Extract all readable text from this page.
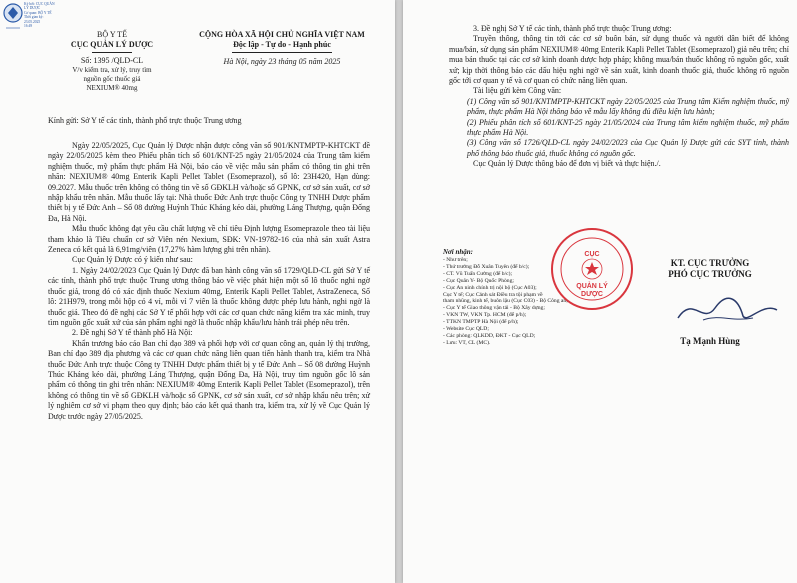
Ký bởi: CỤC QUẢN
LÝ DƯỢC
Cơ quan: BỘ Y TẾ
Thời gian ký:
23.05.2025
16:49

BỘ Y TẾ

CỤC QUẢN LÝ DƯỢC

Số: 1395 /QLD-CL

V/v kiểm tra, xử lý, truy tìm

nguồn gốc thuốc giả

NEXIUM® 40mg

CỘNG HÒA XÃ HỘI CHỦ NGHĨA VIỆT NAM

Độc lập - Tự do - Hạnh phúc

Hà Nội, ngày 23 tháng 05 năm 2025

Kính gửi: Sở Y tế các tỉnh, thành phố trực thuộc Trung ương

Ngày 22/05/2025, Cục Quản lý Dược nhận được công văn số 901/KNTMPTP-KHTCKT đề ngày 22/05/2025 kèm theo Phiếu phân tích số 601/KNT-25 ngày 21/05/2024 của Trung tâm kiểm nghiệm thuốc, mỹ phẩm thực phẩm Hà Nội, báo cáo về việc mẫu sản phẩm có thông tin ghi trên nhãn: NEXIUM® 40mg Enterik Kapli Pellet Tablet (Esomeprazol), số lô: 23H420, Hạn dùng: 09.2027. Mẫu thuốc trên không có thông tin về số GĐKLH và/hoặc số GPNK, cơ sở sản xuất, cơ sở nhập khẩu trên nhãn. Mẫu thuốc lấy tại: Nhà thuốc Đức Anh trực thuộc Công ty TNHH Dược phẩm thiết bị y tế Đức Anh – Số 08 đường Huỳnh Thúc Kháng kéo dài, phường Láng Thượng, quận Đống Đa, Hà Nội.

Mẫu thuốc không đạt yêu cầu chất lượng về chỉ tiêu Định lượng Esomeprazole theo tài liệu tham khảo là Tiêu chuẩn cơ sở Viên nén Nexium, SĐK: VN-19782-16 của nhà sản xuất Astra Zeneca có kết quả là 6,91mg/viên (17,27% hàm lượng ghi trên nhãn).

Cục Quản lý Dược có ý kiến như sau:

1. Ngày 24/02/2023 Cục Quản lý Dược đã ban hành công văn số 1729/QLD-CL gửi Sở Y tế các tỉnh, thành phố trực thuộc Trung ương thông báo về việc phát hiện một số lô thuốc nghi ngờ thuốc giả, trong đó có xác định thuốc Nexium 40mg, Enterik Kapli Pellet Tablet, AstraZeneca, Số lô: 21H979, trong mỗi hộp có 4 vỉ, mỗi vỉ 7 viên là thuốc không được phép lưu hành, nghi ngờ là thuốc giả. Theo đó đề nghị các Sở Y tế phối hợp với các cơ quan chức năng kiểm tra xác minh, truy tìm nguồn gốc xuất xứ của sản phẩm nghi ngờ là thuốc nhập khẩu/lưu hành trái phép nêu trên.

2. Đề nghị Sở Y tế thành phố Hà Nội:

Khẩn trương báo cáo Ban chỉ đạo 389 và phối hợp với cơ quan công an, quản lý thị trường, Ban chỉ đạo 389 địa phương và các cơ quan chức năng liên quan tiến hành thanh tra, kiểm tra Nhà thuốc Đức Anh trực thuộc Công ty TNHH Dược phẩm thiết bị y tế Đức Anh – Số 08 đường Huỳnh Thúc Kháng kéo dài, phường Láng Thượng, quận Đống Đa, Hà Nội, truy tìm nguồn gốc lô sản phẩm có thông tin ghi trên nhãn: NEXIUM® 40mg Enterik Kapli Pellet Tablet (Esomeprazol), trên không có thông tin về số GĐKLH và/hoặc số GPNK, cơ sở sản xuất, cơ sở nhập khẩu nêu trên; xử lý nghiêm cơ sở vi phạm theo quy định; báo cáo kết quả thanh tra, kiểm tra, xử lý về Cục Quản lý Dược trước ngày 27/05/2025.

3. Đề nghị Sở Y tế các tỉnh, thành phố trực thuộc Trung ương:

Truyền thông, thông tin tới các cơ sở buôn bán, sử dụng thuốc và người dân biết để không mua/bán, sử dụng sản phẩm NEXIUM® 40mg Enterik Kapli Pellet Tablet (Esomeprazol) giả nêu trên; chỉ mua bán thuốc tại các cơ sở kinh doanh dược hợp pháp; không mua/bán thuốc không rõ nguồn gốc, xuất xứ; kịp thời thông báo các dấu hiệu nghi ngờ về sản xuất, kinh doanh thuốc giả, thuốc không rõ nguồn gốc tới cơ quan y tế và cơ quan có chức năng liên quan.

Tài liệu gửi kèm Công văn:

(1) Công văn số 901/KNTMPTP-KHTCKT ngày 22/05/2025 của Trung tâm Kiểm nghiệm thuốc, mỹ phẩm, thực phẩm Hà Nội thông báo về mẫu lấy không đủ điều kiện lưu hành;

(2) Phiếu phân tích số 601/KNT-25 ngày 21/05/2024 của Trung tâm kiểm nghiệm thuốc, mỹ phẩm thực phẩm Hà Nội.

(3) Công văn số 1726/QLD-CL ngày 24/02/2023 của Cục Quản lý Dược gửi các SYT tỉnh, thành phố thông báo thuốc giả, thuốc không có nguồn gốc.

Cục Quản lý Dược thông báo để đơn vị biết và thực hiện./.

Nơi nhận:

- Như trên;
- Thứ trưởng Đỗ Xuân Tuyên (để b/c);
- CT. Vũ Tuấn Cường (để b/c);
- Cục Quân Y- Bộ Quốc Phòng;
- Cục An ninh chính trị nội bộ (Cục A03);
Cục Y tế; Cục Cảnh sát Điều tra tội phạm về
tham nhũng, kinh tế, buôn lậu (Cục C03) - Bộ Công an;
- Cục Y tế Giao thông vận tải - Bộ Xây dựng;
- VKN TW, VKN Tp. HCM (để p/h);
- TTKN TMPTP Hà Nội (để p/h);
- Website Cục QLD;
- Các phòng: QLKDD, ĐKT - Cục QLD;
- Lưu: VT, CL (MC).

KT. CỤC TRƯỞNG

PHÓ CỤC TRƯỞNG

CỤC
QUẢN LÝ
DƯỢC

Tạ Mạnh Hùng
